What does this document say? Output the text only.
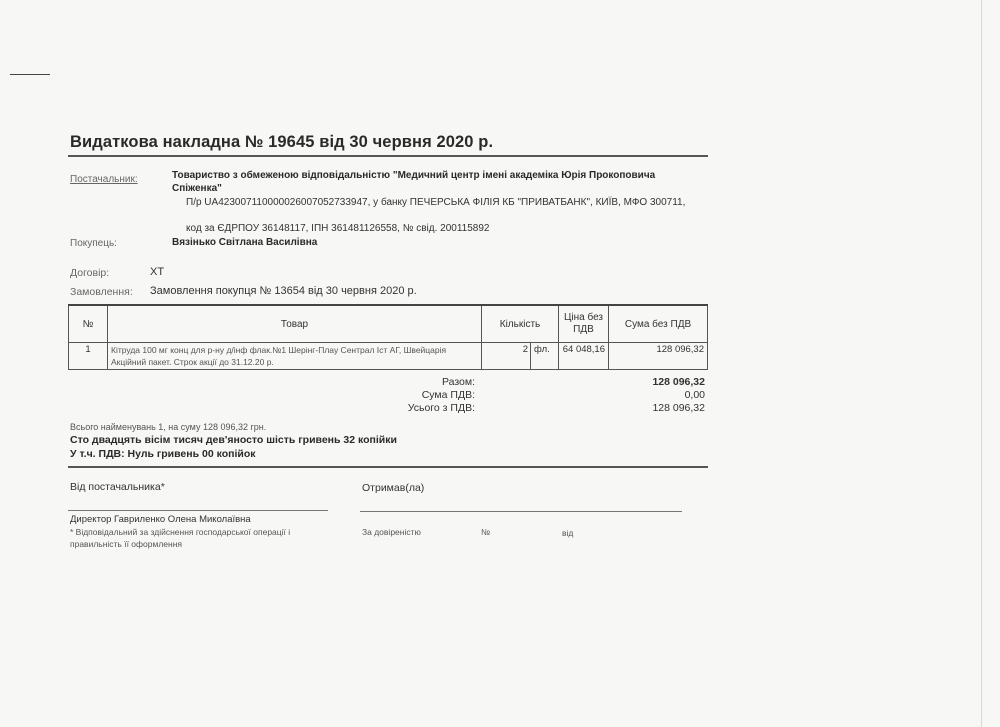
Видаткова накладна № 19645 від 30 червня 2020 р.
Постачальник:	Товариство з обмеженою відповідальністю "Медичний центр імені академіка Юрія Прокоповича Спіженка"
П/р UA423007110000026007052733947, у банку ПЕЧЕРСЬКА ФІЛІЯ КБ "ПРИВАТБАНК", КИЇВ, МФО 300711,
код за ЄДРПОУ 36148117, ІПН 361481126558, № свід. 200115892
Покупець:	Вязінько Світлана Василівна
Договір:	ХТ
Замовлення: Замовлення покупця № 13654 від 30 червня 2020 р.
№	Товар	Кількість	Ціна без ПДВ	Сума без ПДВ
1	Кітруда 100 мг конц для р-ну д/інф флак.№1 Шерінг-Плау Сентрал Іст АГ, Швейцарія Акційний пакет. Строк акції до 31.12.20 р.	2 фл.	64 048,16	128 096,32
Разом:	128 096,32
Сума ПДВ:	0,00
Усього з ПДВ:	128 096,32
Всього найменувань 1, на суму 128 096,32 грн.
Сто двадцять вісім тисяч дев'яносто шість гривень 32 копійки
У т.ч. ПДВ: Нуль гривень 00 копійок
Від постачальника*	Отримав(ла)
Директор Гавриленко Олена Миколаївна
* Відповідальний за здійснення господарської операції і правильність її оформлення
За довіреністю	№	від
